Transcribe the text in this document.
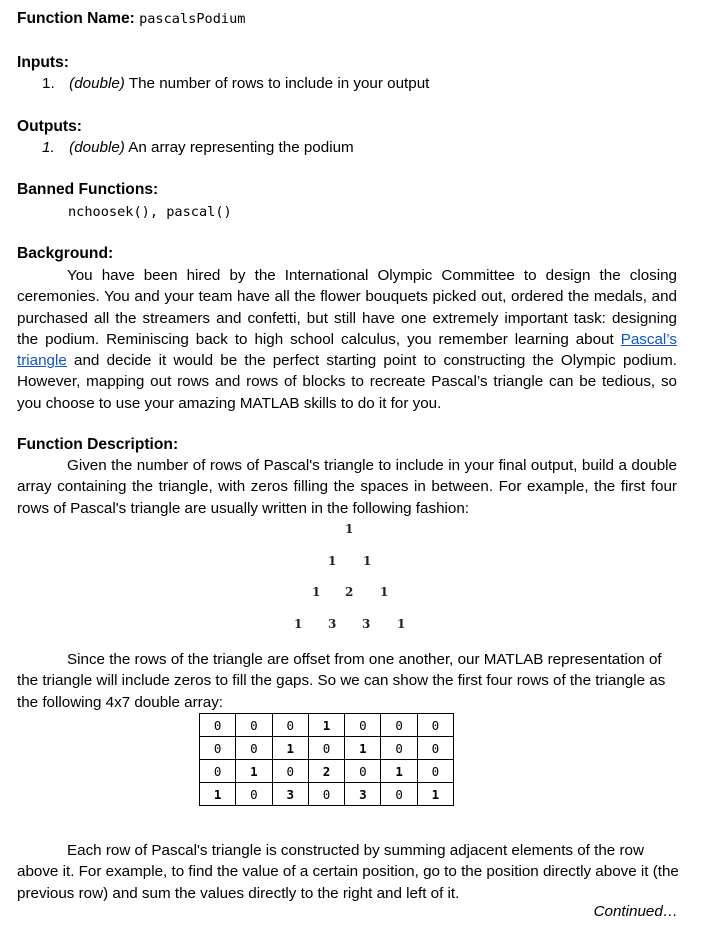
Function Name: pascalsPodium
Inputs:
1. (double) The number of rows to include in your output
Outputs:
1. (double) An array representing the podium
Banned Functions:
nchoosek(), pascal()
Background:
You have been hired by the International Olympic Committee to design the closing ceremonies. You and your team have all the flower bouquets picked out, ordered the medals, and purchased all the streamers and confetti, but still have one extremely important task: designing the podium. Reminiscing back to high school calculus, you remember learning about Pascal’s triangle and decide it would be the perfect starting point to constructing the Olympic podium. However, mapping out rows and rows of blocks to recreate Pascal’s triangle can be tedious, so you choose to use your amazing MATLAB skills to do it for you.
Function Description:
Given the number of rows of Pascal's triangle to include in your final output, build a double array containing the triangle, with zeros filling the spaces in between. For example, the first four rows of Pascal's triangle are usually written in the following fashion:
1
1 1
1 2 1
1 3 3 1
Since the rows of the triangle are offset from one another, our MATLAB representation of the triangle will include zeros to fill the gaps. So we can show the first four rows of the triangle as the following 4x7 double array:
0	0	0	1	0	0	0
0	0	1	0	1	0	0
0	1	0	2	0	1	0
1	0	3	0	3	0	1
Each row of Pascal's triangle is constructed by summing adjacent elements of the row above it. For example, to find the value of a certain position, go to the position directly above it (the previous row) and sum the values directly to the right and left of it.
Continued…
